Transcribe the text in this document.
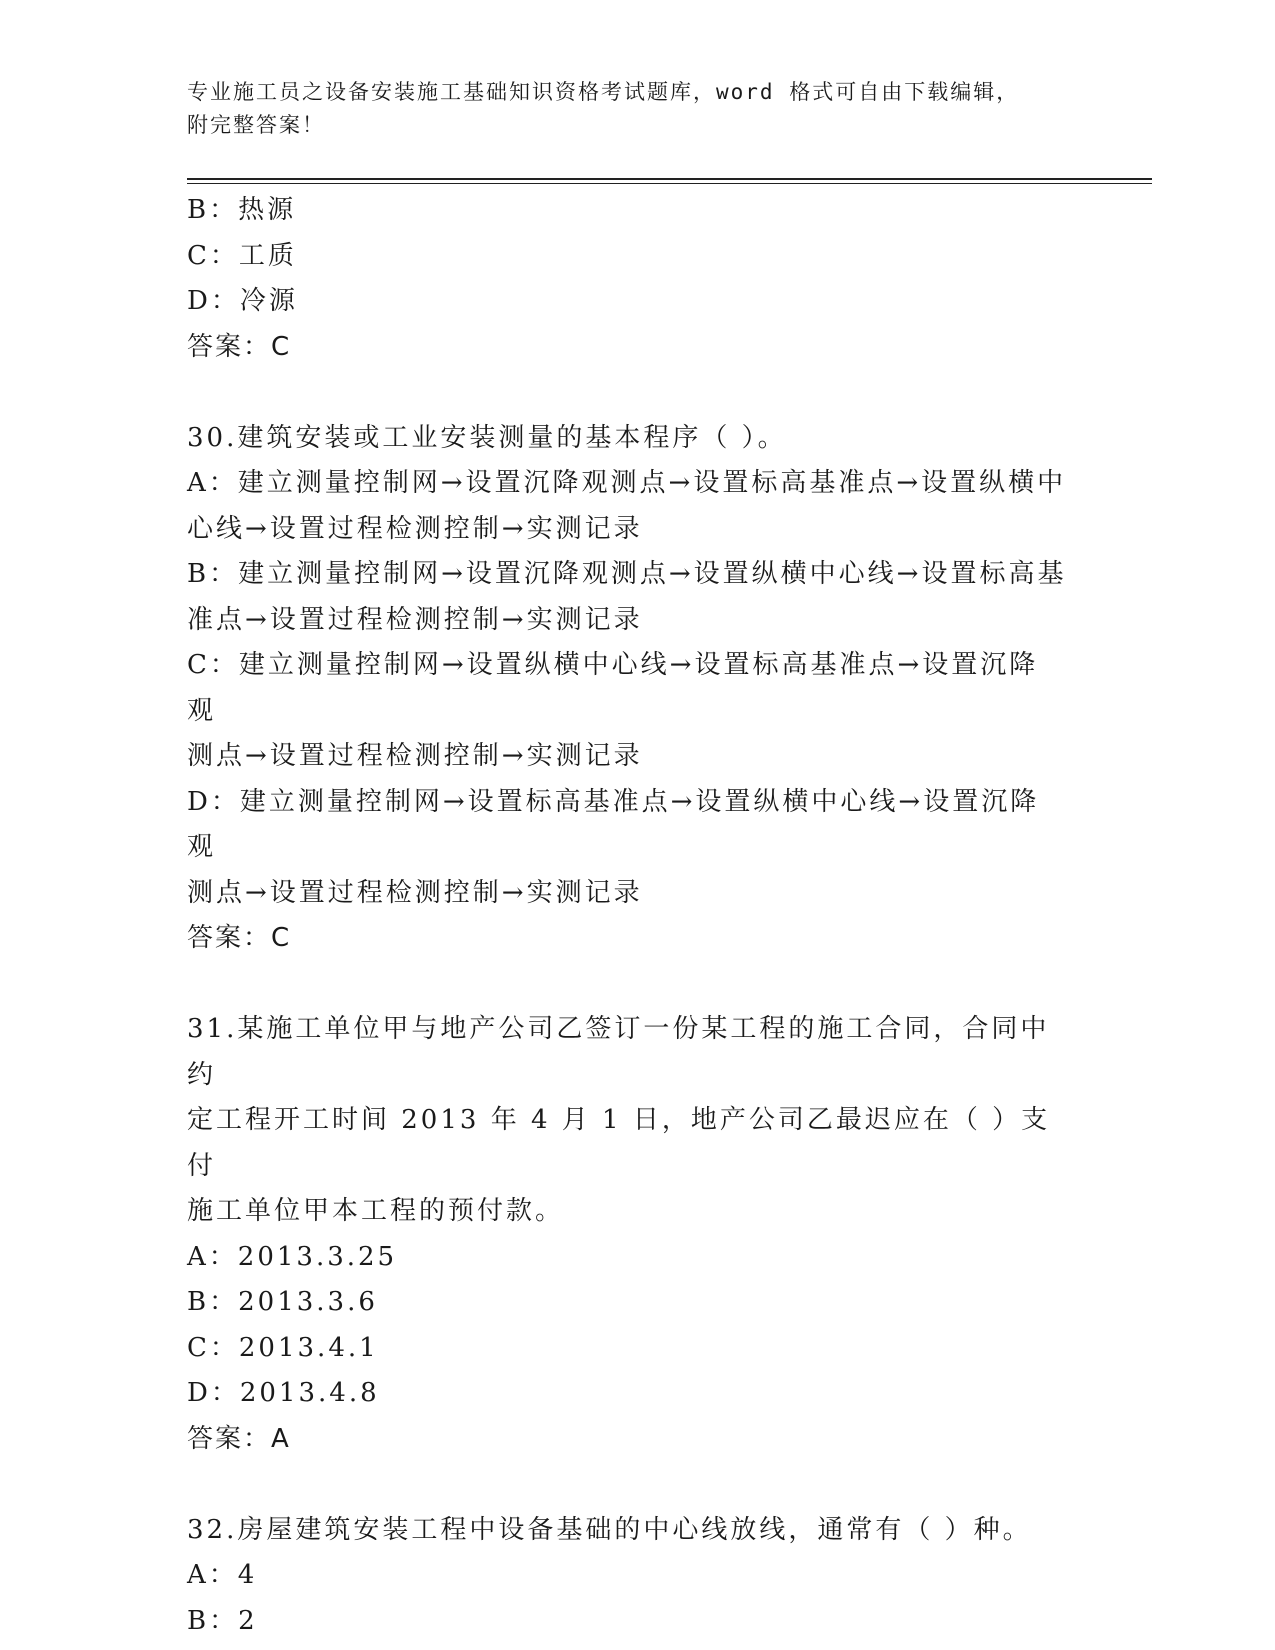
专业施工员之设备安装施工基础知识资格考试题库，word 格式可自由下载编辑，
附完整答案！
B：热源
C：工质
D：冷源
答案：C
30.建筑安装或工业安装测量的基本程序（ ）。
A：建立测量控制网→设置沉降观测点→设置标高基准点→设置纵横中
心线→设置过程检测控制→实测记录
B：建立测量控制网→设置沉降观测点→设置纵横中心线→设置标高基
准点→设置过程检测控制→实测记录
C：建立测量控制网→设置纵横中心线→设置标高基准点→设置沉降观
测点→设置过程检测控制→实测记录
D：建立测量控制网→设置标高基准点→设置纵横中心线→设置沉降观
测点→设置过程检测控制→实测记录
答案：C
31.某施工单位甲与地产公司乙签订一份某工程的施工合同，合同中约
定工程开工时间 2013 年 4 月 1 日，地产公司乙最迟应在（ ）支付
施工单位甲本工程的预付款。
A：2013.3.25
B：2013.3.6
C：2013.4.1
D：2013.4.8
答案：A
32.房屋建筑安装工程中设备基础的中心线放线，通常有（ ）种。
A：4
B：2
